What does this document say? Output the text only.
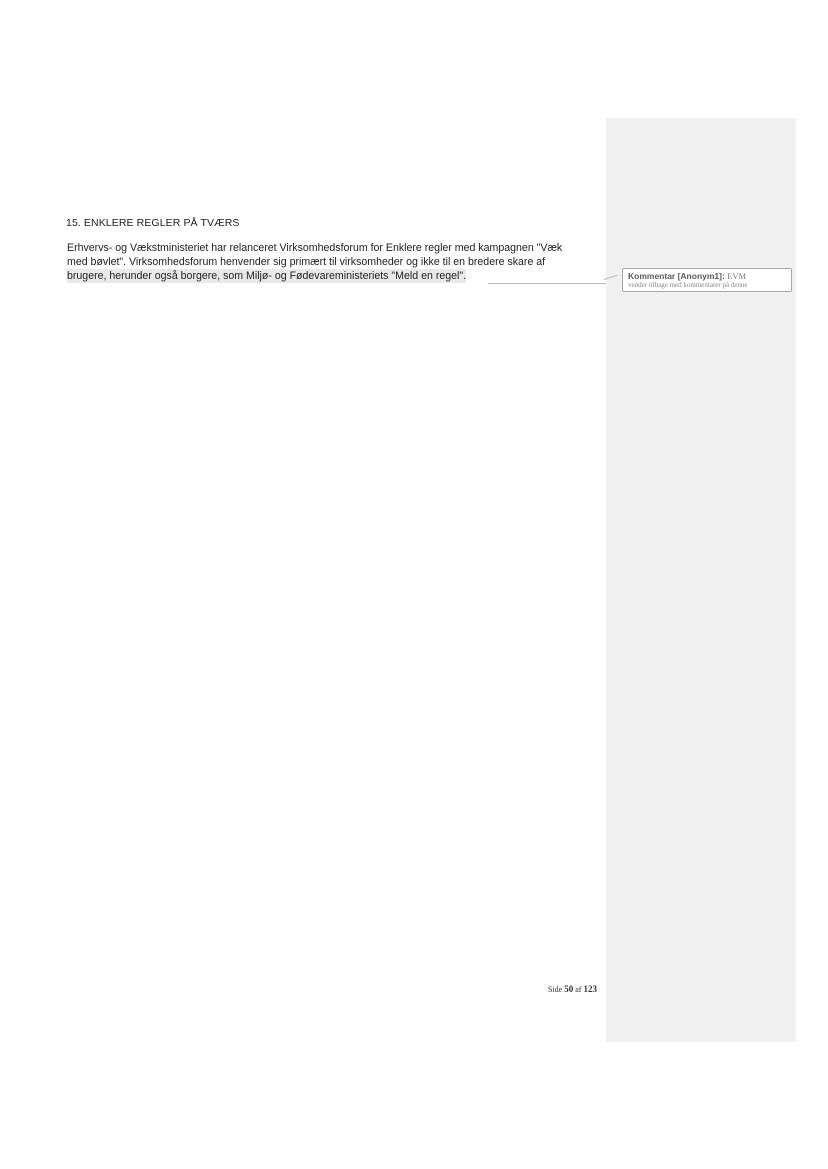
15. ENKLERE REGLER PÅ TVÆRS
Erhvervs- og Vækstministeriet har relanceret Virksomhedsforum for Enklere regler med kampagnen "Væk
med bøvlet". Virksomhedsforum henvender sig primært til virksomheder og ikke til en bredere skare af
brugere, herunder også borgere, som Miljø- og Fødevareministeriets "Meld en regel".	Kommentar [Anonym1]: EVM
vender tilbage med kommentarer på denne
Side 50 af 123
